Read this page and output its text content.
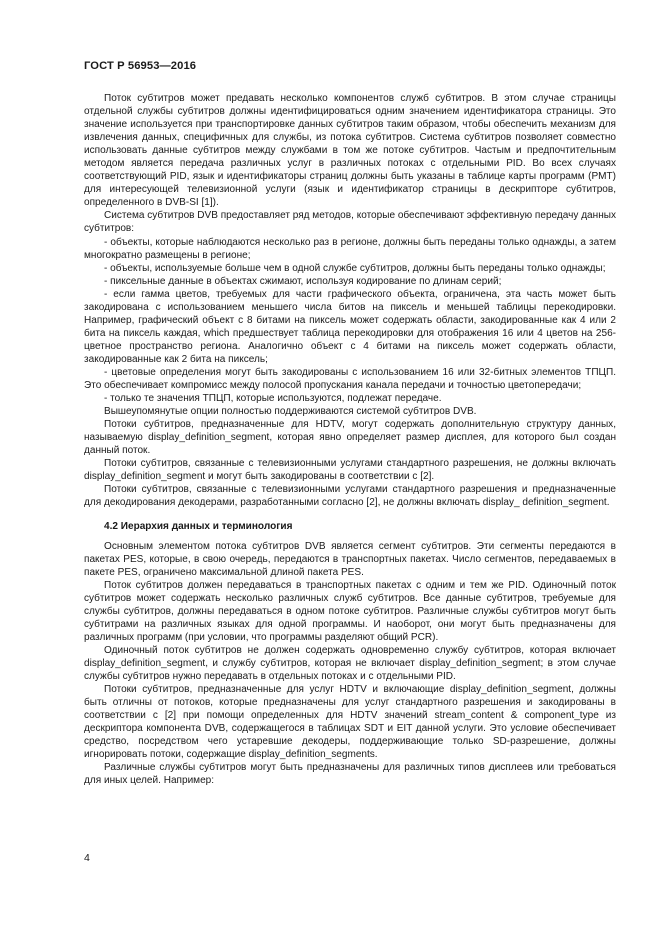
ГОСТ Р 56953—2016

Поток субтитров может предавать несколько компонентов служб субтитров. В этом случае страницы отдельной службы субтитров должны идентифицироваться одним значением идентификатора страницы. Это значение используется при транспортировке данных субтитров таким образом, чтобы обеспечить механизм для извлечения данных, специфичных для службы, из потока субтитров. Система субтитров позволяет совместно использовать данные субтитров между службами в том же потоке субтитров. Частым и предпочтительным методом является передача различных услуг в различных потоках с отдельными PID. Во всех случаях соответствующий PID, язык и идентификаторы страниц должны быть указаны в таблице карты программ (PMT) для интересующей телевизионной услуги (язык и идентификатор страницы в дескрипторе субтитров, определенного в DVB-SI [1]).

Система субтитров DVB предоставляет ряд методов, которые обеспечивают эффективную передачу данных субтитров:

- объекты, которые наблюдаются несколько раз в регионе, должны быть переданы только однажды, а затем многократно размещены в регионе;

- объекты, используемые больше чем в одной службе субтитров, должны быть переданы только однажды;

- пиксельные данные в объектах сжимают, используя кодирование по длинам серий;

- если гамма цветов, требуемых для части графического объекта, ограничена, эта часть может быть закодирована с использованием меньшего числа битов на пиксель и меньшей таблицы перекодировки. Например, графический объект с 8 битами на пиксель может содержать области, закодированные как 4 или 2 бита на пиксель каждая, which предшествует таблица перекодировки для отображения 16 или 4 цветов на 256-цветное пространство региона. Аналогично объект с 4 битами на пиксель может содержать области, закодированные как 2 бита на пиксель;

- цветовые определения могут быть закодированы с использованием 16 или 32-битных элементов ТПЦП. Это обеспечивает компромисс между полосой пропускания канала передачи и точностью цветопередачи;

- только те значения ТПЦП, которые используются, подлежат передаче.

Вышеупомянутые опции полностью поддерживаются системой субтитров DVB.

Потоки субтитров, предназначенные для HDTV, могут содержать дополнительную структуру данных, называемую display_definition_segment, которая явно определяет размер дисплея, для которого был создан данный поток.

Потоки субтитров, связанные с телевизионными услугами стандартного разрешения, не должны включать display_definition_segment и могут быть закодированы в соответствии с [2].

Потоки субтитров, связанные с телевизионными услугами стандартного разрешения и предназначенные для декодирования декодерами, разработанными согласно [2], не должны включать display_ definition_segment.

4.2 Иерархия данных и терминология

Основным элементом потока субтитров DVB является сегмент субтитров. Эти сегменты передаются в пакетах PES, которые, в свою очередь, передаются в транспортных пакетах. Число сегментов, передаваемых в пакете PES, ограничено максимальной длиной пакета PES.

Поток субтитров должен передаваться в транспортных пакетах с одним и тем же PID. Одиночный поток субтитров может содержать несколько различных служб субтитров. Все данные субтитров, требуемые для службы субтитров, должны передаваться в одном потоке субтитров. Различные службы субтитров могут быть субтитрами на различных языках для одной программы. И наоборот, они могут быть предназначены для различных программ (при условии, что программы разделяют общий PCR).

Одиночный поток субтитров не должен содержать одновременно службу субтитров, которая включает display_definition_segment, и службу субтитров, которая не включает display_definition_segment; в этом случае службы субтитров нужно передавать в отдельных потоках и с отдельными PID.

Потоки субтитров, предназначенные для услуг HDTV и включающие display_definition_segment, должны быть отличны от потоков, которые предназначены для услуг стандартного разрешения и закодированы в соответствии с [2] при помощи определенных для HDTV значений stream_content & component_type из дескриптора компонента DVB, содержащегося в таблицах SDT и EIT данной услуги. Это условие обеспечивает средство, посредством чего устаревшие декодеры, поддерживающие только SD-разрешение, должны игнорировать потоки, содержащие display_definition_segments.

Различные службы субтитров могут быть предназначены для различных типов дисплеев или требоваться для иных целей. Например:

4
